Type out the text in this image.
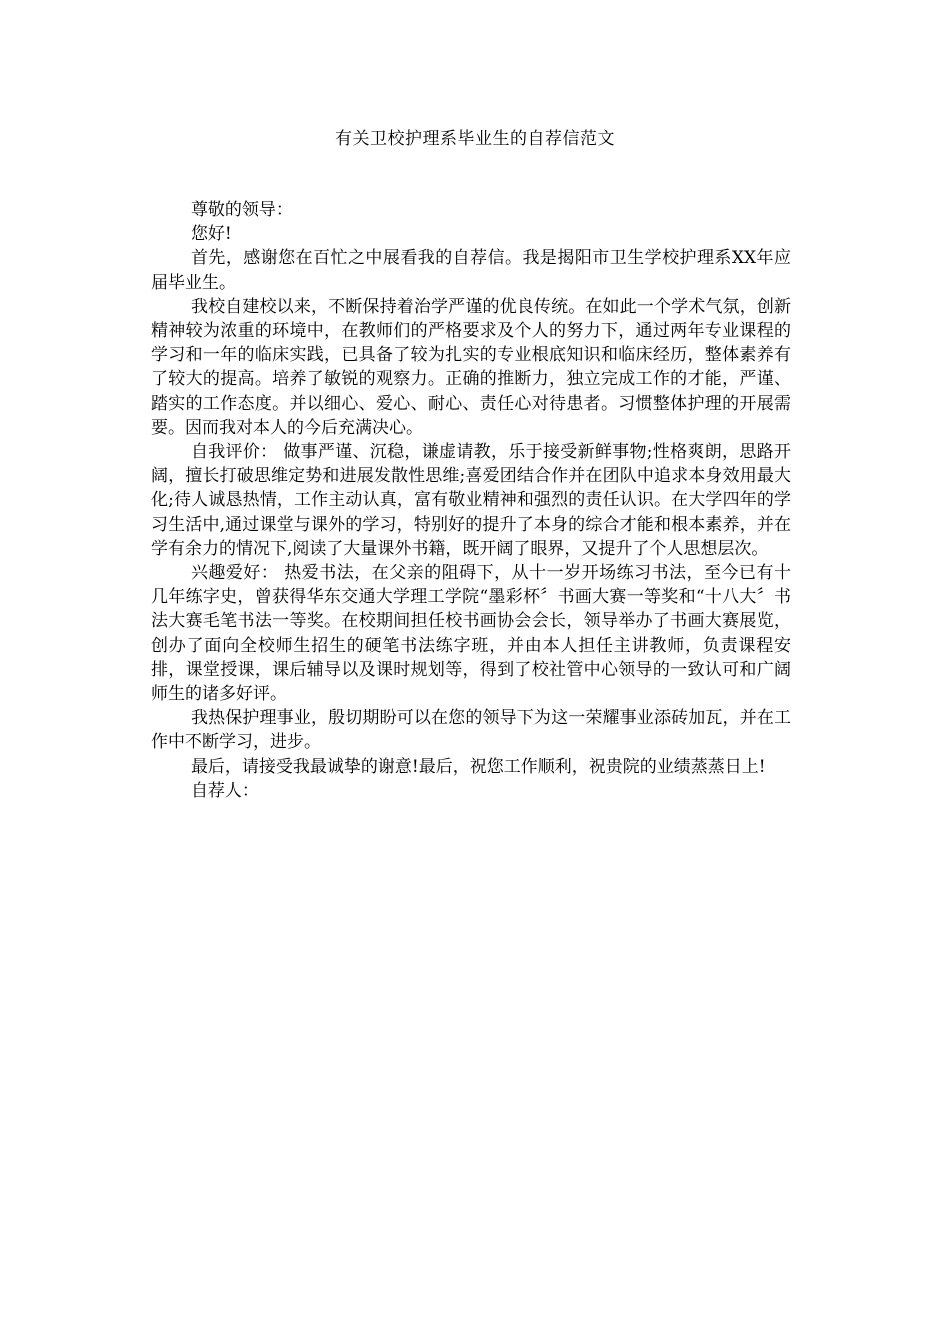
有关卫校护理系毕业生的自荐信范文

尊敬的领导：

您好!

首先，感谢您在百忙之中展看我的自荐信。我是揭阳市卫生学校护理系XX年应届毕业生。

我校自建校以来，不断保持着治学严谨的优良传统。在如此一个学术气氛，创新精神较为浓重的环境中，在教师们的严格要求及个人的努力下，通过两年专业课程的学习和一年的临床实践，已具备了较为扎实的专业根底知识和临床经历，整体素养有了较大的提高。培养了敏锐的观察力。正确的推断力，独立完成工作的才能，严谨、踏实的工作态度。并以细心、爱心、耐心、责任心对待患者。习惯整体护理的开展需要。因而我对本人的今后充满决心。

自我评价： 做事严谨、沉稳，谦虚请教，乐于接受新鲜事物;性格爽朗，思路开阔，擅长打破思维定势和进展发散性思维;喜爱团结合作并在团队中追求本身效用最大化;待人诚恳热情，工作主动认真，富有敬业精神和强烈的责任认识。在大学四年的学习生活中,通过课堂与课外的学习，特别好的提升了本身的综合才能和根本素养，并在学有余力的情况下,阅读了大量课外书籍，既开阔了眼界，又提升了个人思想层次。

兴趣爱好： 热爱书法，在父亲的阻碍下，从十一岁开场练习书法，至今已有十几年练字史，曾获得华东交通大学理工学院“墨彩杯〞书画大赛一等奖和“十八大〞书法大赛毛笔书法一等奖。在校期间担任校书画协会会长，领导举办了书画大赛展览，创办了面向全校师生招生的硬笔书法练字班，并由本人担任主讲教师，负责课程安排，课堂授课，课后辅导以及课时规划等，得到了校社管中心领导的一致认可和广阔师生的诸多好评。

我热保护理事业，殷切期盼可以在您的领导下为这一荣耀事业添砖加瓦，并在工作中不断学习，进步。

最后，请接受我最诚挚的谢意!最后，祝您工作顺利，祝贵院的业绩蒸蒸日上!

自荐人：
